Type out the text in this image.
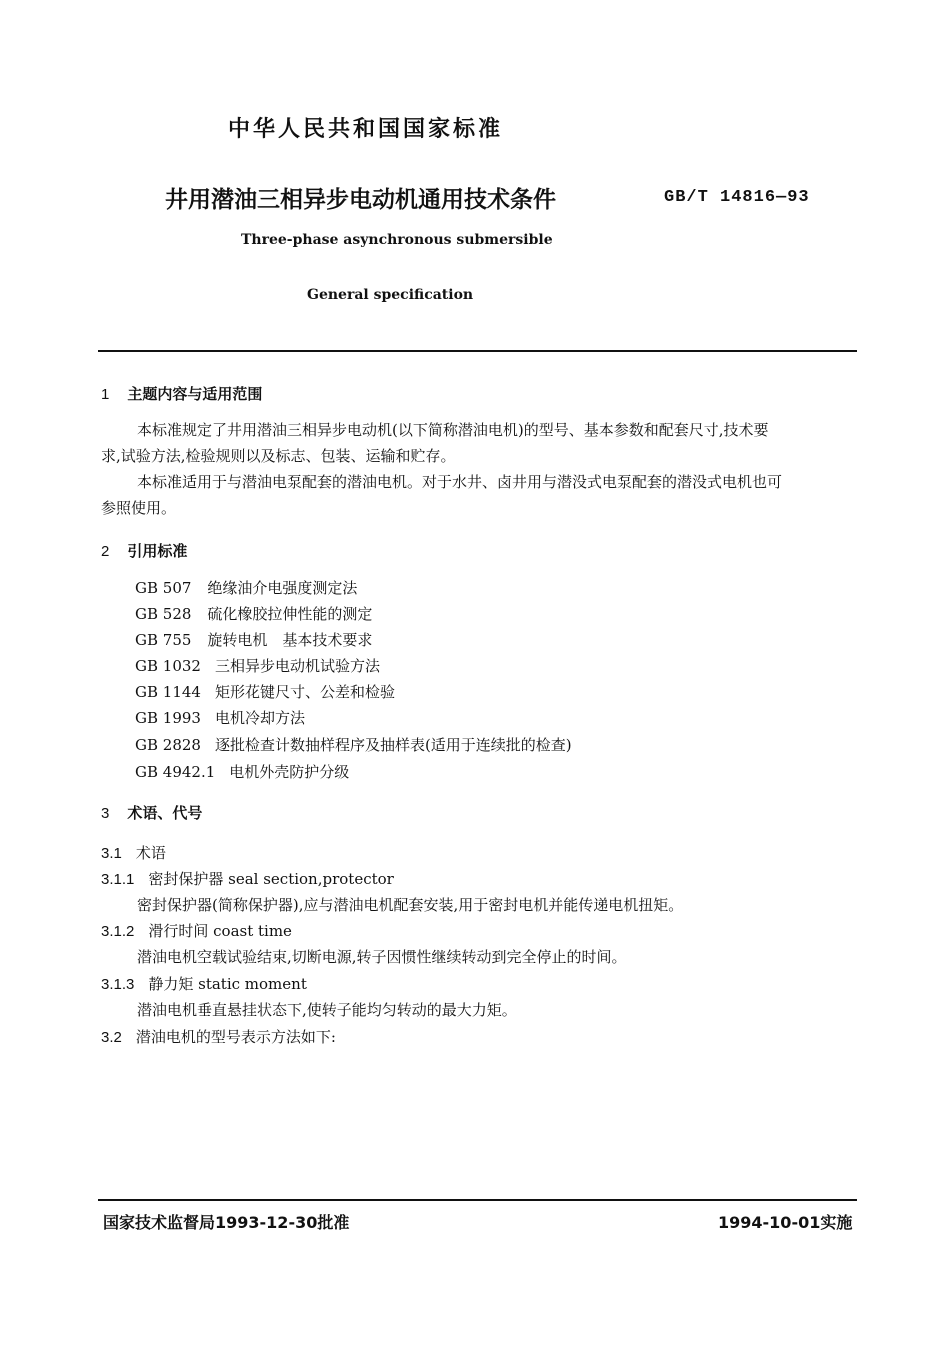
中华人民共和国国家标准
井用潜油三相异步电动机通用技术条件	GB/T 14816—93
Three-phase asynchronous submersible
General specification
1 主题内容与适用范围
本标准规定了井用潜油三相异步电动机(以下简称潜油电机)的型号、基本参数和配套尺寸,技术要
求,试验方法,检验规则以及标志、包装、运输和贮存。
本标准适用于与潜油电泵配套的潜油电机。对于水井、卤井用与潜没式电泵配套的潜没式电机也可
参照使用。
2 引用标准
GB 507 绝缘油介电强度测定法
GB 528 硫化橡胶拉伸性能的测定
GB 755 旋转电机　基本技术要求
GB 1032 三相异步电动机试验方法
GB 1144 矩形花键尺寸、公差和检验
GB 1993 电机冷却方法
GB 2828 逐批检查计数抽样程序及抽样表(适用于连续批的检查)
GB 4942.1 电机外壳防护分级
3 术语、代号
3.1 术语
3.1.1 密封保护器 seal section,protector
密封保护器(简称保护器),应与潜油电机配套安装,用于密封电机并能传递电机扭矩。
3.1.2 滑行时间 coast time
潜油电机空载试验结束,切断电源,转子因惯性继续转动到完全停止的时间。
3.1.3 静力矩 static moment
潜油电机垂直悬挂状态下,使转子能均匀转动的最大力矩。
3.2 潜油电机的型号表示方法如下:
国家技术监督局1993-12-30批准	1994-10-01实施
